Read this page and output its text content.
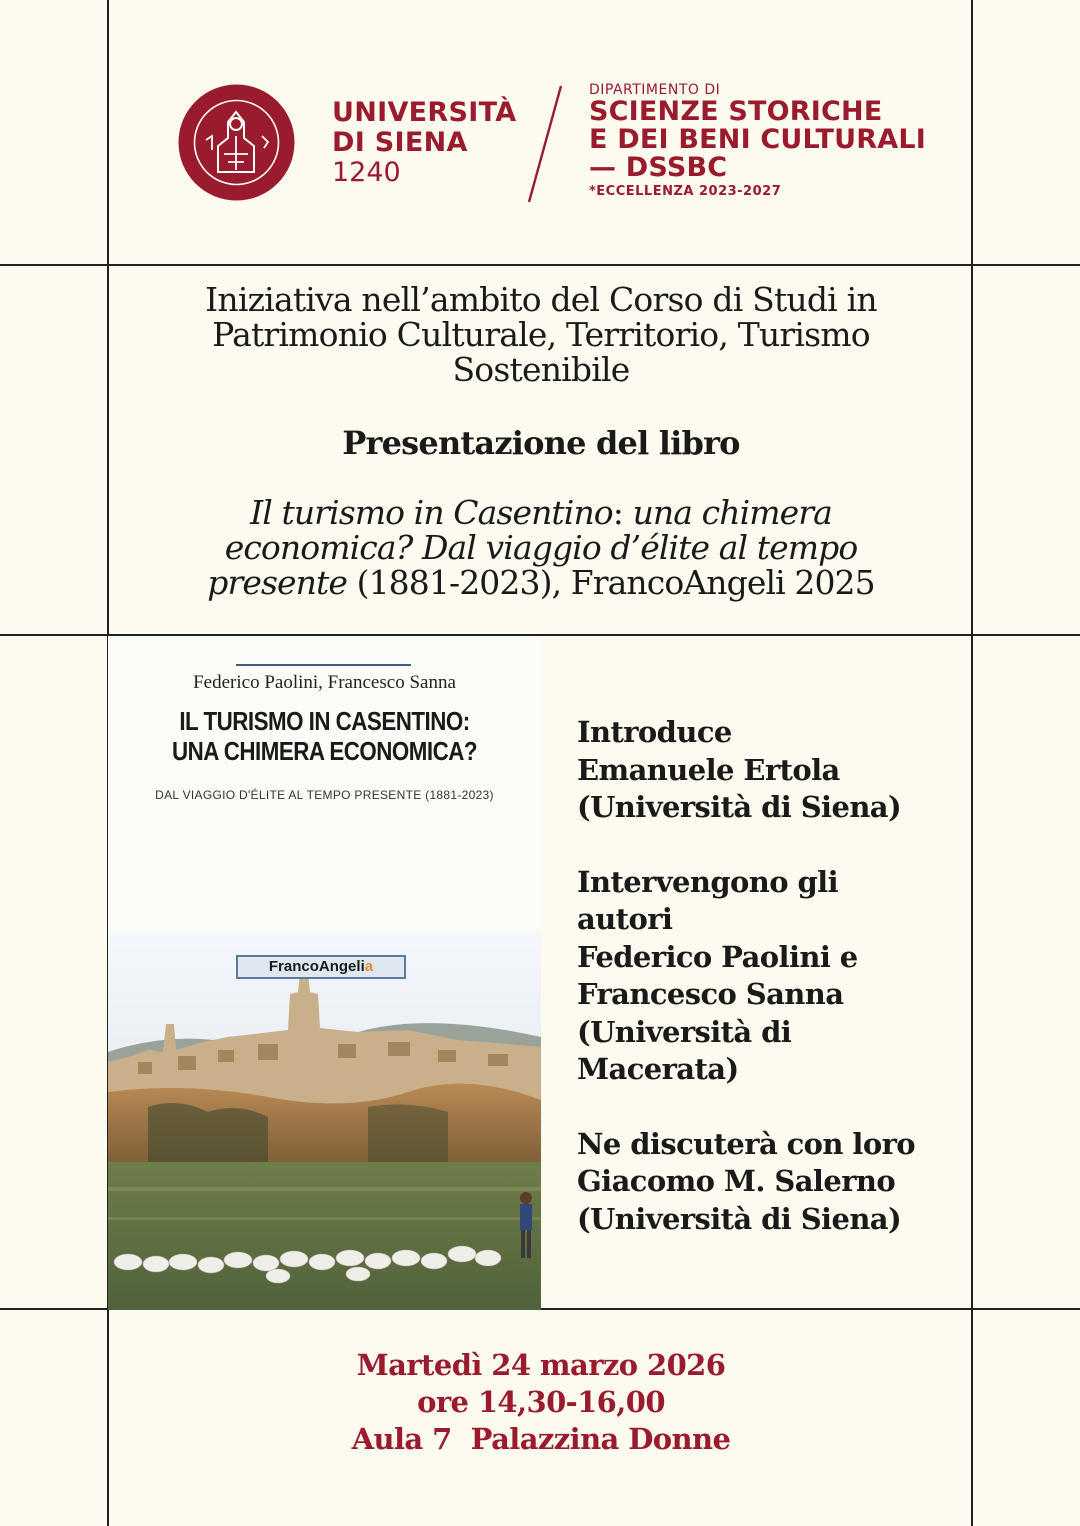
UNIVERSITÀ
DI SIENA
1240
DIPARTIMENTO DI
SCIENZE STORICHE
E DEI BENI CULTURALI
— DSSBC
*ECCELLENZA 2023-2027
Iniziativa nell’ambito del Corso di Studi in
Patrimonio Culturale, Territorio, Turismo
Sostenibile
Presentazione del libro
Il turismo in Casentino: una chimera
economica? Dal viaggio d’élite al tempo
presente (1881-2023), FrancoAngeli 2025
Federico Paolini, Francesco Sanna
IL TURISMO IN CASENTINO:
UNA CHIMERA ECONOMICA?
DAL VIAGGIO D'ÉLITE AL TEMPO PRESENTE (1881-2023)
FrancoAngelia
Introduce
Emanuele Ertola
(Università di Siena)
Intervengono gli
autori
Federico Paolini e
Francesco Sanna
(Università di
Macerata)
Ne discuterà con loro
Giacomo M. Salerno
(Università di Siena)
Martedì 24 marzo 2026
ore 14,30-16,00
Aula 7  Palazzina Donne
